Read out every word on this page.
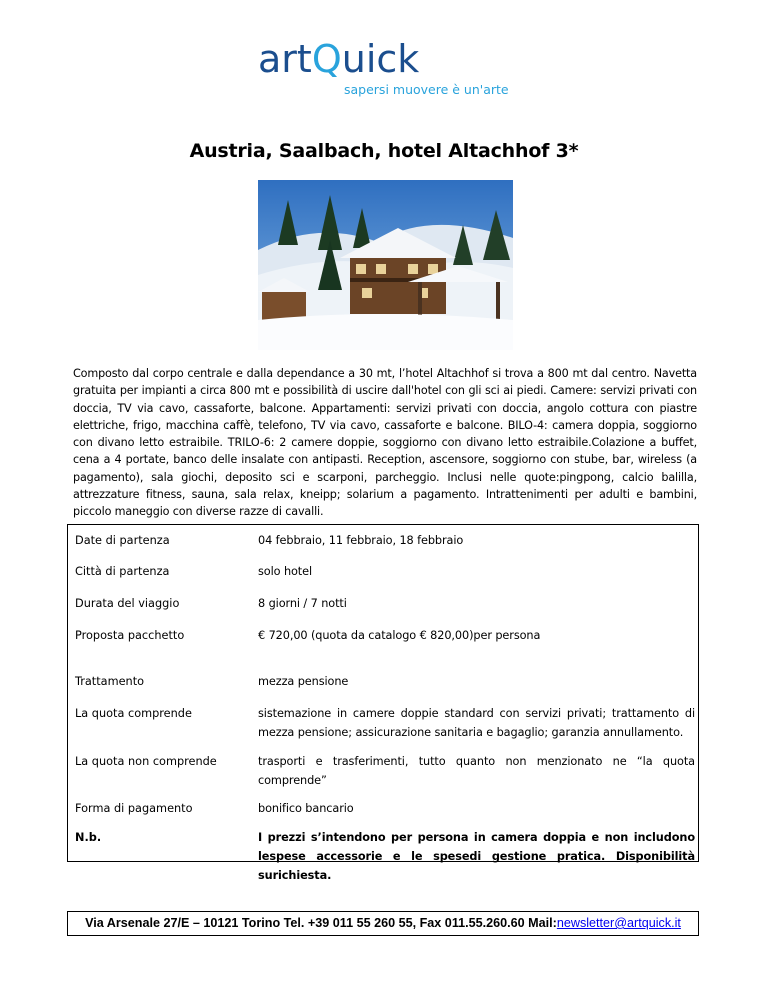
artQuick
sapersi muovere è un'arte
Austria, Saalbach, hotel Altachhof 3*

Composto dal corpo centrale e dalla dependance a 30 mt, l’hotel Altachhof si trova a 800 mt dal centro. Navetta gratuita per impianti a circa 800 mt e possibilità di uscire dall'hotel con gli sci ai piedi. Camere: servizi privati con doccia, TV via cavo, cassaforte, balcone. Appartamenti: servizi privati con doccia, angolo cottura con piastre elettriche, frigo, macchina caffè, telefono, TV via cavo, cassaforte e balcone. BILO-4: camera doppia, soggiorno con divano letto estraibile. TRILO-6: 2 camere doppie, soggiorno con divano letto estraibile.Colazione a buffet, cena a 4 portate, banco delle insalate con antipasti. Reception, ascensore, soggiorno con stube, bar, wireless (a pagamento), sala giochi, deposito sci e scarponi, parcheggio. Inclusi nelle quote:pingpong, calcio balilla, attrezzature fitness, sauna, sala relax, kneipp; solarium a pagamento. Intrattenimenti per adulti e bambini, piccolo maneggio con diverse razze di cavalli.

Date di partenza	04 febbraio, 11 febbraio, 18 febbraio
Città di partenza	solo hotel
Durata del viaggio	8 giorni / 7 notti
Proposta pacchetto	€ 720,00 (quota da catalogo € 820,00)per persona
Trattamento	mezza pensione
La quota comprende	sistemazione in camere doppie standard con servizi privati; trattamento di mezza pensione; assicurazione sanitaria e bagaglio; garanzia annullamento.
La quota non comprende	trasporti e trasferimenti, tutto quanto non menzionato ne “la quota comprende”
Forma di pagamento	bonifico bancario
N.b.	I prezzi s’intendono per persona in camera doppia e non includono lespese accessorie e le spesedi gestione pratica. Disponibilità surichiesta.
Via Arsenale 27/E – 10121 Torino Tel. +39 011 55 260 55, Fax 011.55.260.60 Mail:newsletter@artquick.it
